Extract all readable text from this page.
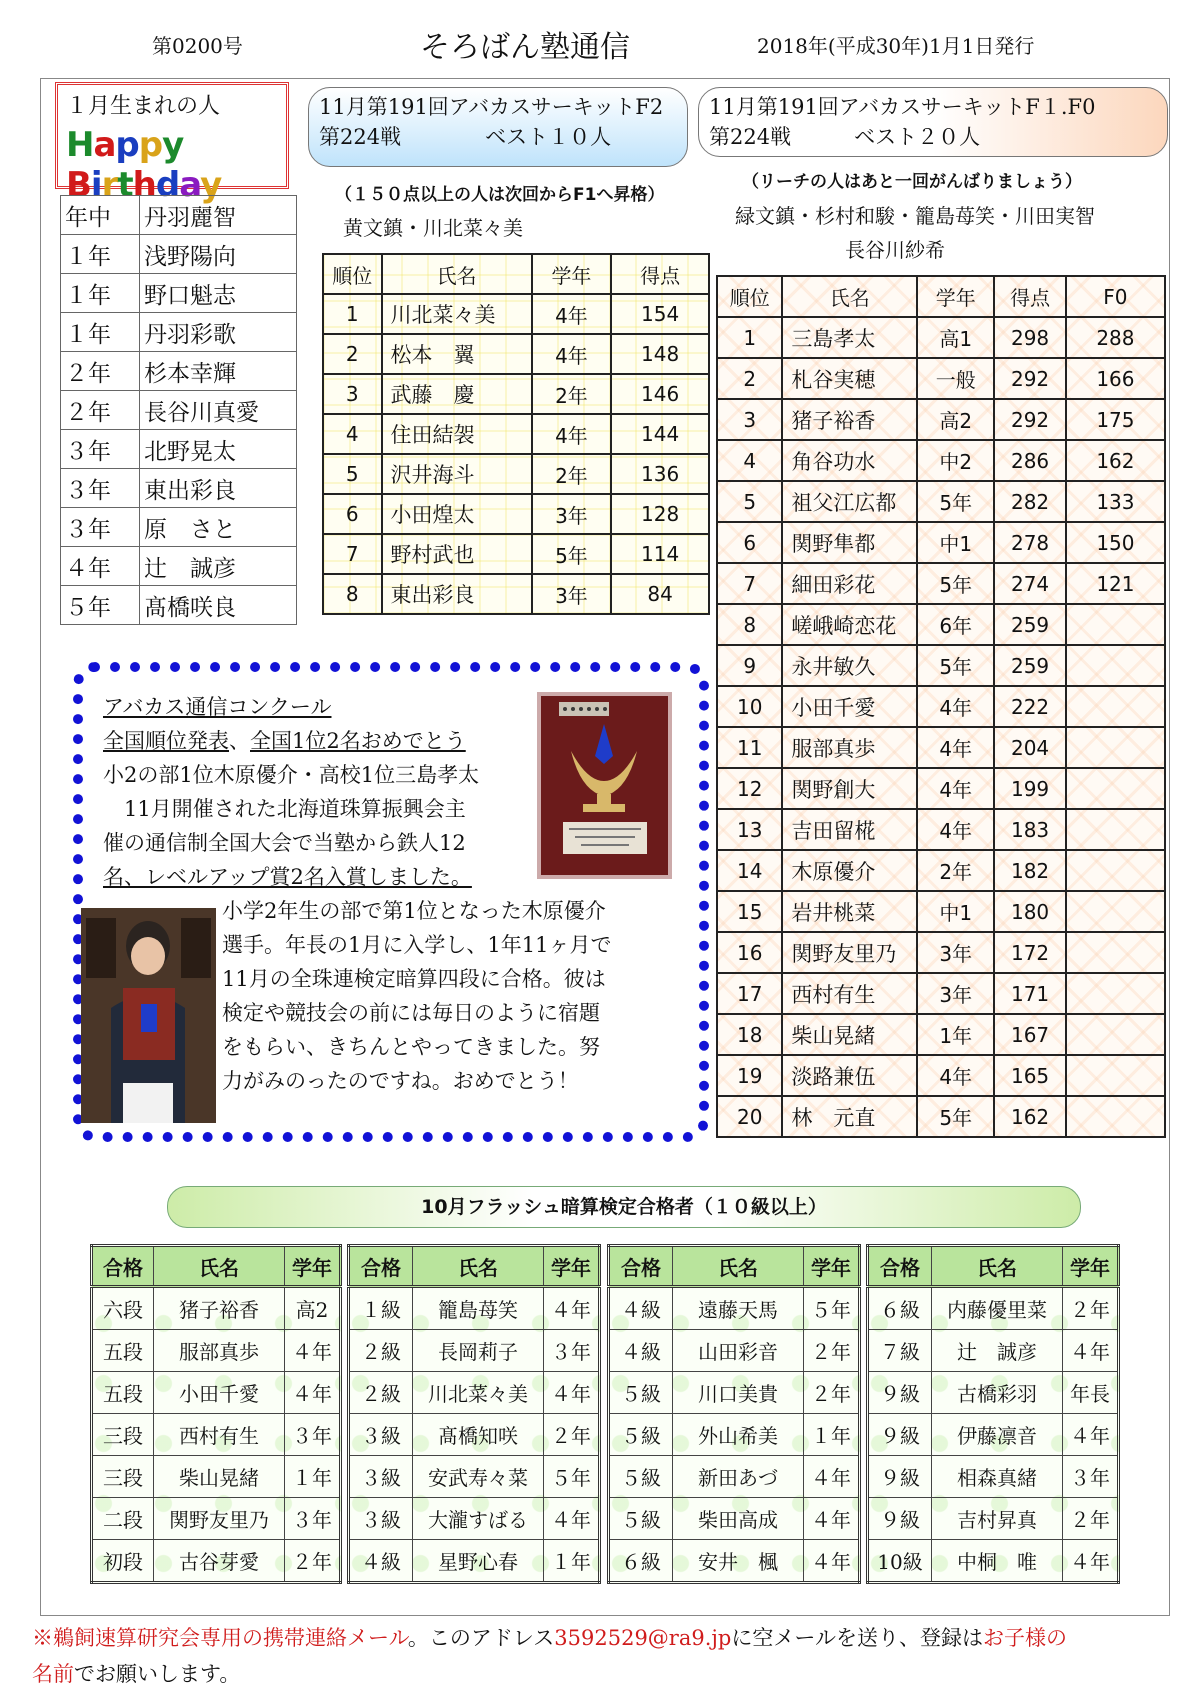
第0200号	そろばん塾通信	2018年(平成30年)1月1日発行
１月生まれの人
Happy Birthday
年中	丹羽麗智
１年	浅野陽向
１年	野口魁志
１年	丹羽彩歌
２年	杉本幸輝
２年	長谷川真愛
３年	北野晃太
３年	東出彩良
３年	原　さと
４年	辻　誠彦
５年	髙橋咲良
11月第191回アバカスサーキットF2
第224戦　　　　ベスト１０人
（１５０点以上の人は次回からF1へ昇格）
黄文鎮・川北菜々美
順位	氏名	学年	得点
1	川北菜々美	4年	154
2	松本　翼	4年	148
3	武藤　慶	2年	146
4	住田結袈	4年	144
5	沢井海斗	2年	136
6	小田煌太	3年	128
7	野村武也	5年	114
8	東出彩良	3年	84
11月第191回アバカスサーキットF１.F0
第224戦　　　ベスト２０人
（リーチの人はあと一回がんばりましょう）
緑文鎮・杉村和駿・籠島苺笑・川田実智
長谷川紗希
順位	氏名	学年	得点	F0
1	三島孝太	高1	298	288
2	札谷実穂	一般	292	166
3	猪子裕香	高2	292	175
4	角谷功水	中2	286	162
5	祖父江広都	5年	282	133
6	関野隼都	中1	278	150
7	細田彩花	5年	274	121
8	嵯峨崎恋花	6年	259	
9	永井敏久	5年	259	
10	小田千愛	4年	222	
11	服部真歩	4年	204	
12	関野創大	4年	199	
13	吉田留椛	4年	183	
14	木原優介	2年	182	
15	岩井桃菜	中1	180	
16	関野友里乃	3年	172	
17	西村有生	3年	171	
18	柴山晃緒	1年	167	
19	淡路兼伍	4年	165	
20	林　元直	5年	162	
アバカス通信コンクール
全国順位発表、全国1位2名おめでとう
小2の部1位木原優介・高校1位三島孝太
　11月開催された北海道珠算振興会主
催の通信制全国大会で当塾から鉄人12
名、レベルアップ賞2名入賞しました。
小学2年生の部で第1位となった木原優介
選手。年長の1月に入学し、1年11ヶ月で
11月の全珠連検定暗算四段に合格。彼は
検定や競技会の前には毎日のように宿題
をもらい、きちんとやってきました。努
力がみのったのですね。おめでとう！
10月フラッシュ暗算検定合格者（１０級以上）
合格	氏名	学年
六段	猪子裕香	高2
五段	服部真歩	４年
五段	小田千愛	４年
三段	西村有生	３年
三段	柴山晃緒	１年
二段	関野友里乃	３年
初段	古谷芽愛	２年
合格	氏名	学年
１級	籠島苺笑	４年
２級	長岡莉子	３年
２級	川北菜々美	４年
３級	髙橋知咲	２年
３級	安武寿々菜	５年
３級	大瀧すばる	４年
４級	星野心春	１年
合格	氏名	学年
４級	遠藤天馬	５年
４級	山田彩音	２年
５級	川口美貴	２年
５級	外山希美	１年
５級	新田あづ	４年
５級	柴田高成	４年
６級	安井　楓	４年
合格	氏名	学年
６級	内藤優里菜	２年
７級	辻　誠彦	４年
９級	古橋彩羽	年長
９級	伊藤凛音	４年
９級	相森真緒	３年
９級	吉村昇真	２年
10級	中桐　唯	４年
※鵜飼速算研究会専用の携帯連絡メール。このアドレス3592529@ra9.jpに空メールを送り、登録はお子様の
名前でお願いします。
